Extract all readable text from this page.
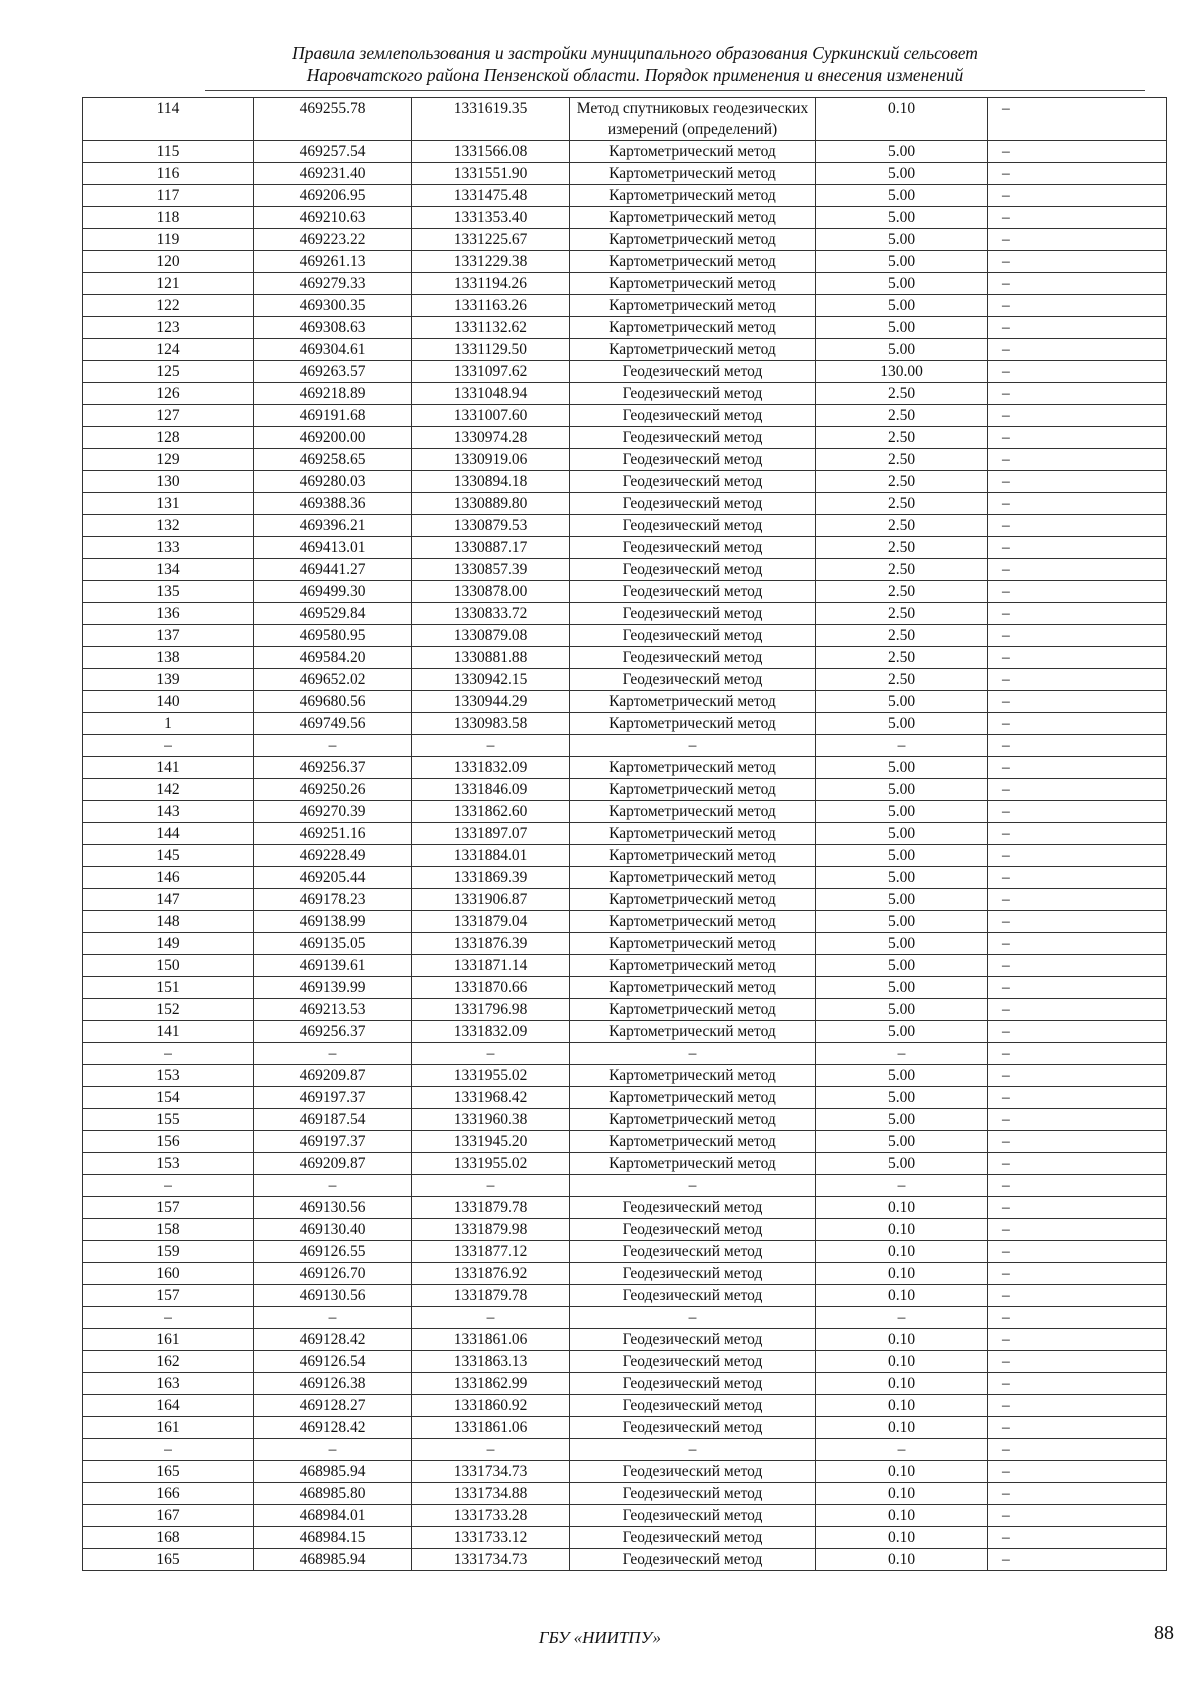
Правила землепользования и застройки муниципального образования Суркинский сельсовет
Наровчатского района Пензенской области. Порядок применения и внесения изменений
114	469255.78	1331619.35	Метод спутниковых геодезических измерений (определений)	0.10	–
115	469257.54	1331566.08	Картометрический метод	5.00	–
116	469231.40	1331551.90	Картометрический метод	5.00	–
117	469206.95	1331475.48	Картометрический метод	5.00	–
118	469210.63	1331353.40	Картометрический метод	5.00	–
119	469223.22	1331225.67	Картометрический метод	5.00	–
120	469261.13	1331229.38	Картометрический метод	5.00	–
121	469279.33	1331194.26	Картометрический метод	5.00	–
122	469300.35	1331163.26	Картометрический метод	5.00	–
123	469308.63	1331132.62	Картометрический метод	5.00	–
124	469304.61	1331129.50	Картометрический метод	5.00	–
125	469263.57	1331097.62	Геодезический метод	130.00	–
126	469218.89	1331048.94	Геодезический метод	2.50	–
127	469191.68	1331007.60	Геодезический метод	2.50	–
128	469200.00	1330974.28	Геодезический метод	2.50	–
129	469258.65	1330919.06	Геодезический метод	2.50	–
130	469280.03	1330894.18	Геодезический метод	2.50	–
131	469388.36	1330889.80	Геодезический метод	2.50	–
132	469396.21	1330879.53	Геодезический метод	2.50	–
133	469413.01	1330887.17	Геодезический метод	2.50	–
134	469441.27	1330857.39	Геодезический метод	2.50	–
135	469499.30	1330878.00	Геодезический метод	2.50	–
136	469529.84	1330833.72	Геодезический метод	2.50	–
137	469580.95	1330879.08	Геодезический метод	2.50	–
138	469584.20	1330881.88	Геодезический метод	2.50	–
139	469652.02	1330942.15	Геодезический метод	2.50	–
140	469680.56	1330944.29	Картометрический метод	5.00	–
1	469749.56	1330983.58	Картометрический метод	5.00	–
–	–	–	–	–	–
141	469256.37	1331832.09	Картометрический метод	5.00	–
142	469250.26	1331846.09	Картометрический метод	5.00	–
143	469270.39	1331862.60	Картометрический метод	5.00	–
144	469251.16	1331897.07	Картометрический метод	5.00	–
145	469228.49	1331884.01	Картометрический метод	5.00	–
146	469205.44	1331869.39	Картометрический метод	5.00	–
147	469178.23	1331906.87	Картометрический метод	5.00	–
148	469138.99	1331879.04	Картометрический метод	5.00	–
149	469135.05	1331876.39	Картометрический метод	5.00	–
150	469139.61	1331871.14	Картометрический метод	5.00	–
151	469139.99	1331870.66	Картометрический метод	5.00	–
152	469213.53	1331796.98	Картометрический метод	5.00	–
141	469256.37	1331832.09	Картометрический метод	5.00	–
–	–	–	–	–	–
153	469209.87	1331955.02	Картометрический метод	5.00	–
154	469197.37	1331968.42	Картометрический метод	5.00	–
155	469187.54	1331960.38	Картометрический метод	5.00	–
156	469197.37	1331945.20	Картометрический метод	5.00	–
153	469209.87	1331955.02	Картометрический метод	5.00	–
–	–	–	–	–	–
157	469130.56	1331879.78	Геодезический метод	0.10	–
158	469130.40	1331879.98	Геодезический метод	0.10	–
159	469126.55	1331877.12	Геодезический метод	0.10	–
160	469126.70	1331876.92	Геодезический метод	0.10	–
157	469130.56	1331879.78	Геодезический метод	0.10	–
–	–	–	–	–	–
161	469128.42	1331861.06	Геодезический метод	0.10	–
162	469126.54	1331863.13	Геодезический метод	0.10	–
163	469126.38	1331862.99	Геодезический метод	0.10	–
164	469128.27	1331860.92	Геодезический метод	0.10	–
161	469128.42	1331861.06	Геодезический метод	0.10	–
–	–	–	–	–	–
165	468985.94	1331734.73	Геодезический метод	0.10	–
166	468985.80	1331734.88	Геодезический метод	0.10	–
167	468984.01	1331733.28	Геодезический метод	0.10	–
168	468984.15	1331733.12	Геодезический метод	0.10	–
165	468985.94	1331734.73	Геодезический метод	0.10	–
ГБУ «НИИТПУ»	88
